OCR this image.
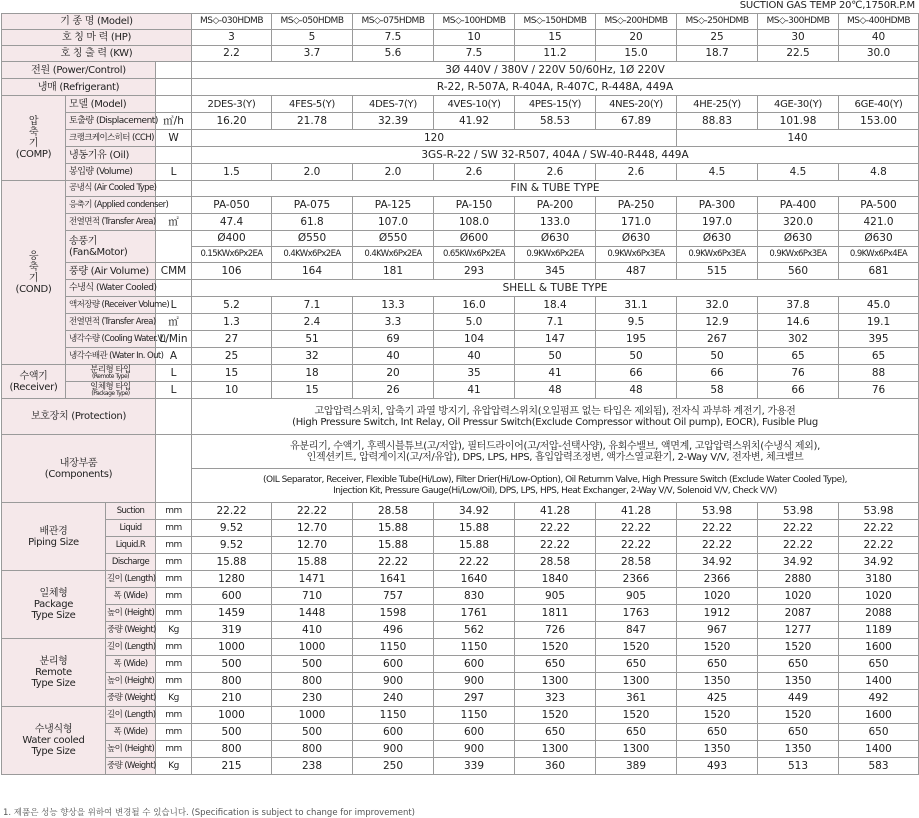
SUCTION GAS TEMP 20℃,1750R.P.M
기 종 명 (Model)				MS◇-030HDMB	MS◇-050HDMB	MS◇-075HDMB	MS◇-100HDMB	MS◇-150HDMB	MS◇-200HDMB	MS◇-250HDMB	MS◇-300HDMB	MS◇-400HDMB
호 칭 마 력 (HP)				3	5	7.5	10	15	20	25	30	40
호 칭 출 력 (KW)				2.2	3.7	5.6	7.5	11.2	15.0	18.7	22.5	30.0
전원 (Power/Control)				3Ø 440V / 380V / 220V 50/60Hz, 1Ø 220V								
냉매 (Refrigerant)				R-22, R-507A, R-404A, R-407C, R-448A, 449A								
압
축
기
(COMP)	모델 (Model)			2DES-3(Y)	4FES-5(Y)	4DES-7(Y)	4VES-10(Y)	4PES-15(Y)	4NES-20(Y)	4HE-25(Y)	4GE-30(Y)	6GE-40(Y)
	토출량 (Displacement)		㎥/h	16.20	21.78	32.39	41.92	58.53	67.89	88.83	101.98	153.00
	크랭크케이스히터 (CCH)		W	120						140		
	냉동기유 (Oil)			3GS-R-22 / SW 32-R507, 404A / SW-40-R448, 449A								
	봉입량 (Volume)		L	1.5	2.0	2.0	2.6	2.6	2.6	4.5	4.5	4.8
응
축
기
(COND)	공냉식 (Air Cooled Type)			FIN & TUBE TYPE								
	응축기 (Applied condenser)			PA-050	PA-075	PA-125	PA-150	PA-200	PA-250	PA-300	PA-400	PA-500
	전열면적 (Transfer Area)		㎡	47.4	61.8	107.0	108.0	133.0	171.0	197.0	320.0	421.0
	송풍기
(Fan&Motor)			Ø400	Ø550	Ø550	Ø600	Ø630	Ø630	Ø630	Ø630	Ø630
				0.15KWx6Px2EA	0.4KWx6Px2EA	0.4KWx6Px2EA	0.65KWx6Px2EA	0.9KWx6Px2EA	0.9KWx6Px3EA	0.9KWx6Px3EA	0.9KWx6Px3EA	0.9KWx6Px4EA
	풍량 (Air Volume)		CMM	106	164	181	293	345	487	515	560	681
	수냉식 (Water Cooled)			SHELL & TUBE TYPE								
	액저장량 (Receiver Volume)		L	5.2	7.1	13.3	16.0	18.4	31.1	32.0	37.8	45.0
	전열면적 (Transfer Area)		㎡	1.3	2.4	3.3	5.0	7.1	9.5	12.9	14.6	19.1
	냉각수량 (Cooling Water.V)		L/Min	27	51	69	104	147	195	267	302	395
	냉각수배관 (Water In. Out)		A	25	32	40	40	50	50	50	65	65
수액기
(Receiver)	분리형 타입
(Remote Type)		L	15	18	20	35	41	66	66	76	88

	일체형 타입
(Package Type)		L	10	15	26	41	48	48	58	66	76
보호장치 (Protection)				고압압력스위치, 압축기 과열 방지기, 유압압력스위치(오일펌프 없는 타입은 제외됨), 전자식 과부하 계전기, 가용전
(High Pressure Switch, Int Relay, Oil Pressur Switch(Exclude Compressor without Oil pump), EOCR), Fusible Plug								
내장부품
(Components)				유분리기, 수액기, 후렉시블튜브(고/저압), 필터드라이어(고/저압-선택사양), 유회수밸브, 액면계, 고압압력스위치(수냉식 제외),
인젝션키트, 압력게이지(고/저/유압), DPS, LPS, HPS, 흡입압력조정변, 액가스열교환기, 2-Way V/V, 전자변, 체크밸브								
				(OIL Separator, Receiver, Flexible Tube(Hi/Low), Filter Drier(Hi/Low-Option), Oil Returnrn Valve, High Pressure Switch (Exclude Water Cooled Type),
Injection Kit, Pressure Gauge(Hi/Low/Oil), DPS, LPS, HPS, Heat Exchanger, 2-Way V/V, Solenoid V/V, Check V/V)								
배관경
Piping Size		Suction	mm	22.22	22.22	28.58	34.92	41.28	41.28	53.98	53.98	53.98
		Liquid	mm	9.52	12.70	15.88	15.88	22.22	22.22	22.22	22.22	22.22
		Liquid.R	mm	9.52	12.70	15.88	15.88	22.22	22.22	22.22	22.22	22.22
		Discharge	mm	15.88	15.88	22.22	22.22	28.58	28.58	34.92	34.92	34.92
일체형
Package
Type Size		길이 (Length)	mm	1280	1471	1641	1640	1840	2366	2366	2880	3180
		폭 (Wide)	mm	600	710	757	830	905	905	1020	1020	1020
		높이 (Height)	mm	1459	1448	1598	1761	1811	1763	1912	2087	2088
		중량 (Weight)	Kg	319	410	496	562	726	847	967	1277	1189
분리형
Remote
Type Size		길이 (Length)	mm	1000	1000	1150	1150	1520	1520	1520	1520	1600
		폭 (Wide)	mm	500	500	600	600	650	650	650	650	650
		높이 (Height)	mm	800	800	900	900	1300	1300	1350	1350	1400
		중량 (Weight)	Kg	210	230	240	297	323	361	425	449	492
수냉식형
Water cooled
Type Size		길이 (Length)	mm	1000	1000	1150	1150	1520	1520	1520	1520	1600
		폭 (Wide)	mm	500	500	600	600	650	650	650	650	650
		높이 (Height)	mm	800	800	900	900	1300	1300	1350	1350	1400
		중량 (Weight)	Kg	215	238	250	339	360	389	493	513	583
1. 제품은 성능 향상을 위하여 변경될 수 있습니다. (Specification is subject to change for improvement)
